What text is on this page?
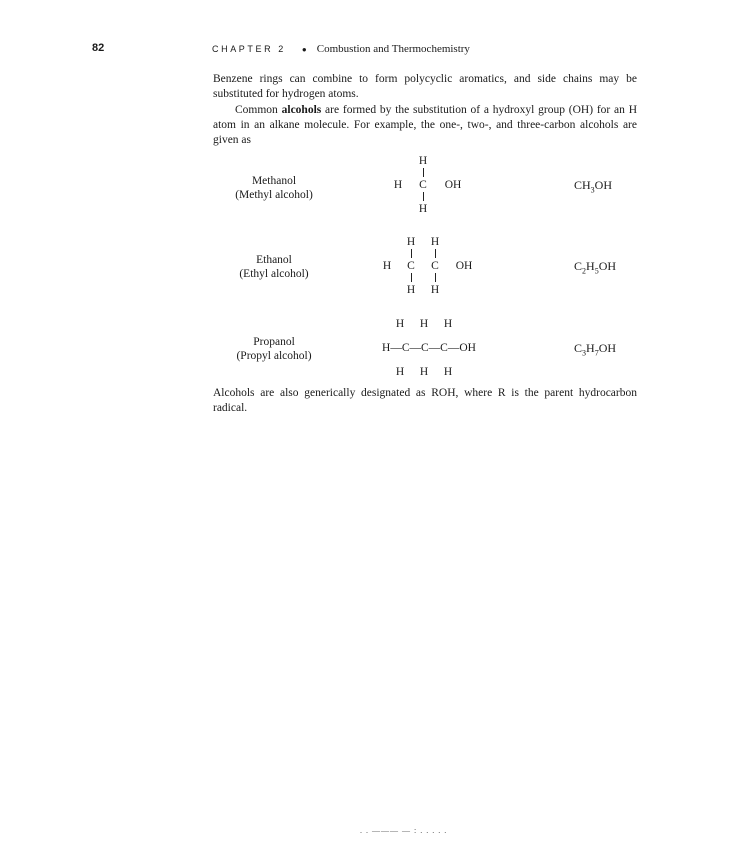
82	CHAPTER 2 ● Combustion and Thermochemistry

Benzene rings can combine to form polycyclic aromatics, and side chains may be substituted for hydrogen atoms.

Common alcohols are formed by the substitution of a hydroxyl group (OH) for an H atom in an alkane molecule. For example, the one-, two-, and three-carbon alcohols are given as

Methanol
(Methyl alcohol)
H
H C OH
H
$CH_3OH$
Ethanol
(Ethyl alcohol)
H H
H C C OH
H H
$C_2H_5OH$
Propanol
(Propyl alcohol)
H H H
H—C—C—C—OH
H H H
$C_3H_7OH$

Alcohols are also generically designated as ROH, where R is the parent hydrocarbon radical.

. . ——— — : . . . . .
